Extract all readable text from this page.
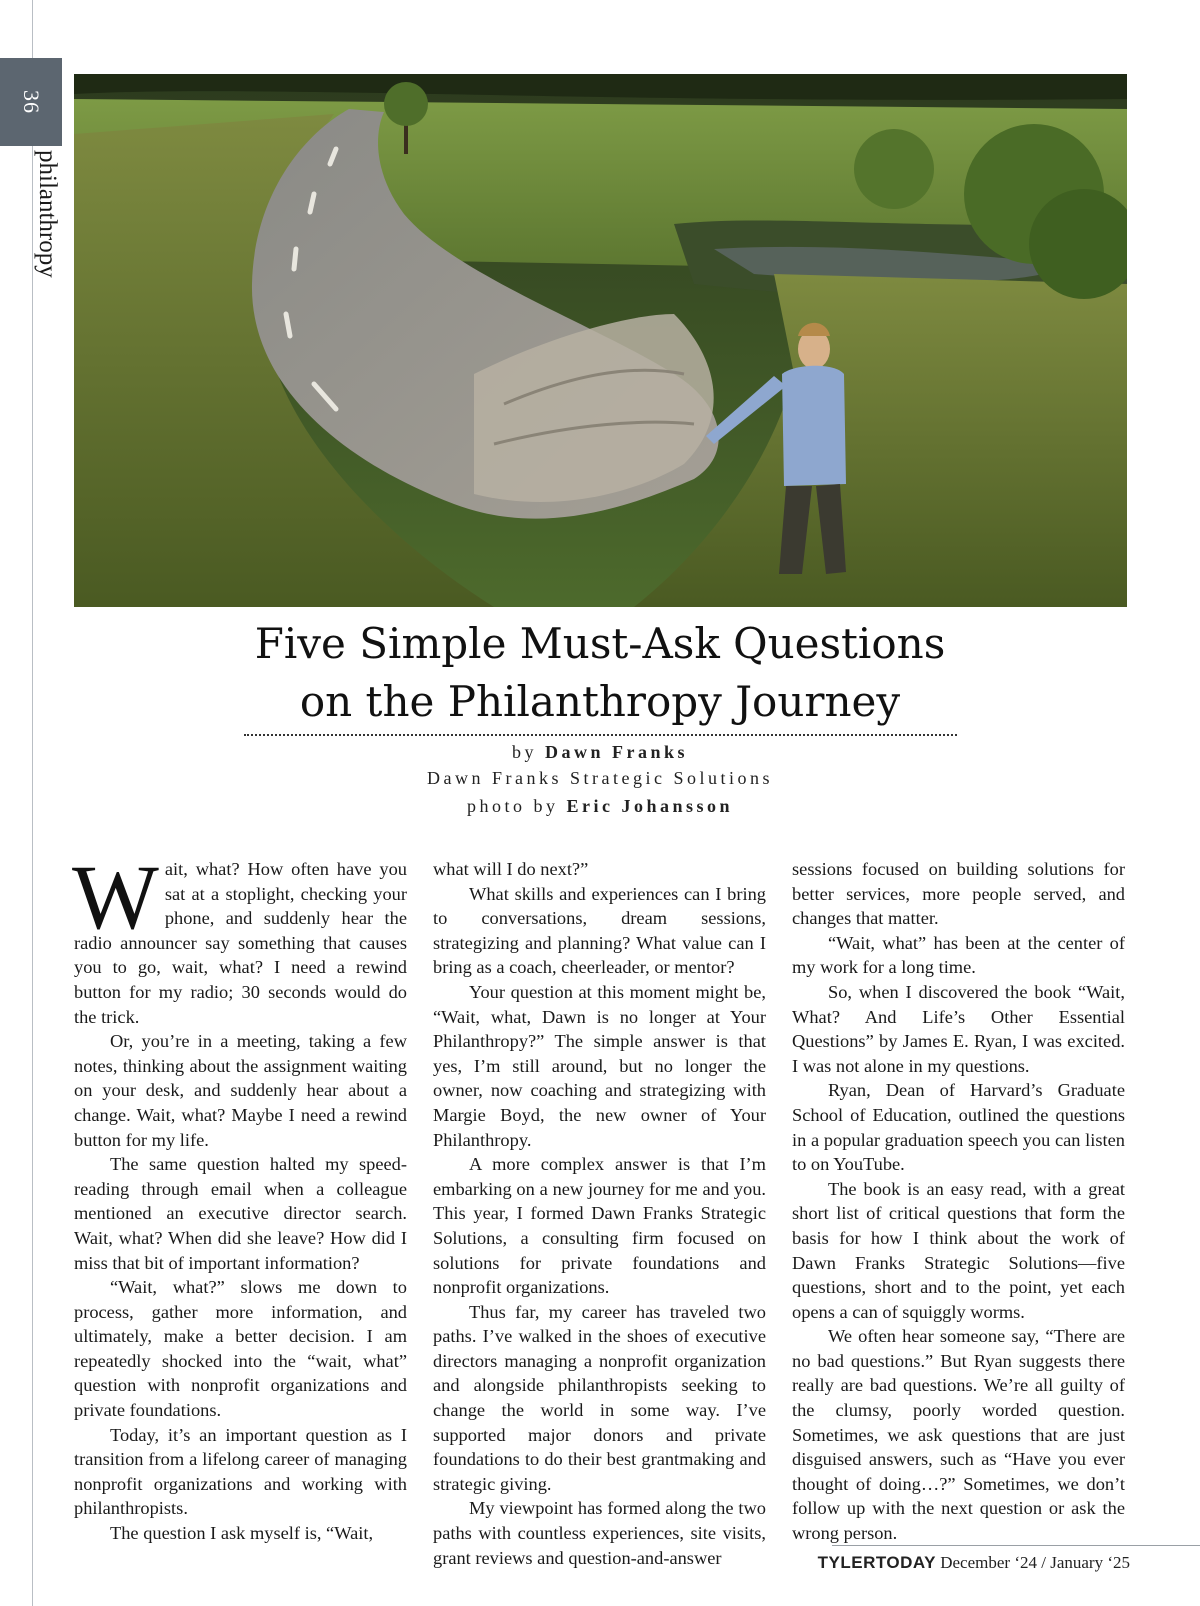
36
philanthropy
Five Simple Must-Ask Questions
on the Philanthropy Journey
by Dawn Franks
Dawn Franks Strategic Solutions
photo by Eric Johansson

Wait, what? How often have you sat at a stoplight, checking your phone, and suddenly hear the radio announcer say something that causes you to go, wait, what? I need a rewind button for my radio; 30 seconds would do the trick.

Or, you’re in a meeting, taking a few notes, thinking about the assignment waiting on your desk, and suddenly hear about a change. Wait, what? Maybe I need a rewind button for my life.

The same question halted my speed-reading through email when a colleague mentioned an executive director search. Wait, what? When did she leave? How did I miss that bit of important information?

“Wait, what?” slows me down to process, gather more information, and ultimately, make a better decision. I am repeatedly shocked into the “wait, what” question with nonprofit organizations and private foundations.

Today, it’s an important question as I transition from a lifelong career of managing nonprofit organizations and working with philanthropists.

The question I ask myself is, “Wait,

what will I do next?”

What skills and experiences can I bring to conversations, dream sessions, strategizing and planning? What value can I bring as a coach, cheerleader, or mentor?

Your question at this moment might be, “Wait, what, Dawn is no longer at Your Philanthropy?” The simple answer is that yes, I’m still around, but no longer the owner, now coaching and strategizing with Margie Boyd, the new owner of Your Philanthropy.

A more complex answer is that I’m embarking on a new journey for me and you. This year, I formed Dawn Franks Strategic Solutions, a consulting firm focused on solutions for private foundations and nonprofit organizations.

Thus far, my career has traveled two paths. I’ve walked in the shoes of executive directors managing a nonprofit organization and alongside philanthropists seeking to change the world in some way. I’ve supported major donors and private foundations to do their best grantmaking and strategic giving.

My viewpoint has formed along the two paths with countless experiences, site visits, grant reviews and question-and-answer

sessions focused on building solutions for better services, more people served, and changes that matter.

“Wait, what” has been at the center of my work for a long time.

So, when I discovered the book “Wait, What? And Life’s Other Essential Questions” by James E. Ryan, I was excited. I was not alone in my questions.

Ryan, Dean of Harvard’s Graduate School of Education, outlined the questions in a popular graduation speech you can listen to on YouTube.

The book is an easy read, with a great short list of critical questions that form the basis for how I think about the work of Dawn Franks Strategic Solutions—five questions, short and to the point, yet each opens a can of squiggly worms.

We often hear someone say, “There are no bad questions.” But Ryan suggests there really are bad questions. We’re all guilty of the clumsy, poorly worded question. Sometimes, we ask questions that are just disguised answers, such as “Have you ever thought of doing…?” Sometimes, we don’t follow up with the next question or ask the wrong person.

TYLERTODAY December ‘24 / January ‘25
